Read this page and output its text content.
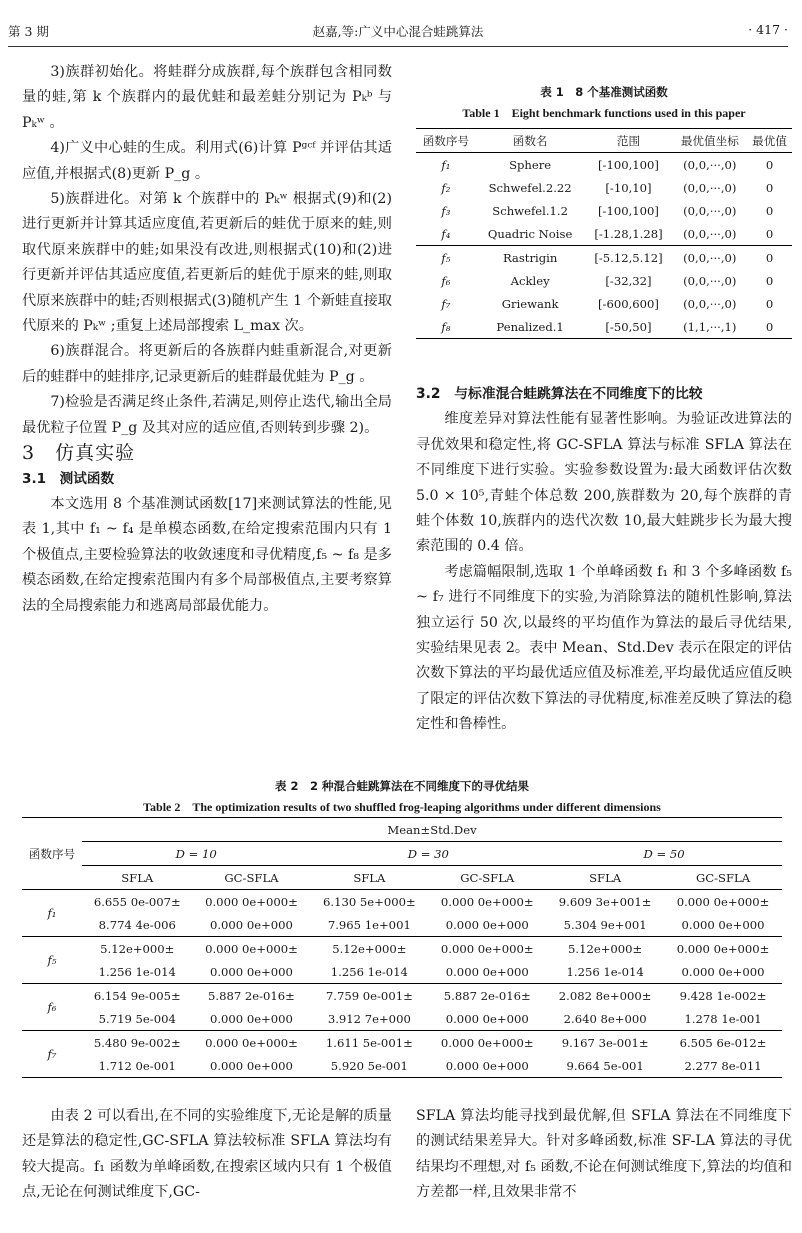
第 3 期	赵嘉,等:广义中心混合蛙跳算法	· 417 ·

3)族群初始化。将蛙群分成族群,每个族群包含相同数量的蛙,第 k 个族群内的最优蛙和最差蛙分别记为 Pₖᵇ 与 Pₖʷ 。

4)广义中心蛙的生成。利用式(6)计算 Pᵍᶜᶠ 并评估其适应值,并根据式(8)更新 P_g 。

5)族群进化。对第 k 个族群中的 Pₖʷ 根据式(9)和(2)进行更新并计算其适应度值,若更新后的蛙优于原来的蛙,则取代原来族群中的蛙;如果没有改进,则根据式(10)和(2)进行更新并评估其适应度值,若更新后的蛙优于原来的蛙,则取代原来族群中的蛙;否则根据式(3)随机产生 1 个新蛙直接取代原来的 Pₖʷ ;重复上述局部搜索 L_max 次。

6)族群混合。将更新后的各族群内蛙重新混合,对更新后的蛙群中的蛙排序,记录更新后的蛙群最优蛙为 P_g 。

7)检验是否满足终止条件,若满足,则停止迭代,输出全局最优粒子位置 P_g 及其对应的适应值,否则转到步骤 2)。

3　仿真实验

3.1　测试函数

本文选用 8 个基准测试函数[17]来测试算法的性能,见表 1,其中 f₁ ~ f₄ 是单模态函数,在给定搜索范围内只有 1 个极值点,主要检验算法的收敛速度和寻优精度,f₅ ~ f₈ 是多模态函数,在给定搜索范围内有多个局部极值点,主要考察算法的全局搜索能力和逃离局部最优能力。

表 1　8 个基准测试函数
Table 1　Eight benchmark functions used in this paper
函数序号	函数名	范围	最优值坐标	最优值
f₁	Sphere	[-100,100]	(0,0,···,0)	0
f₂	Schwefel.2.22	[-10,10]	(0,0,···,0)	0
f₃	Schwefel.1.2	[-100,100]	(0,0,···,0)	0
f₄	Quadric Noise	[-1.28,1.28]	(0,0,···,0)	0
f₅	Rastrigin	[-5.12,5.12]	(0,0,···,0)	0
f₆	Ackley	[-32,32]	(0,0,···,0)	0
f₇	Griewank	[-600,600]	(0,0,···,0)	0
f₈	Penalized.1	[-50,50]	(1,1,···,1)	0

3.2　与标准混合蛙跳算法在不同维度下的比较

维度差异对算法性能有显著性影响。为验证改进算法的寻优效果和稳定性,将 GC-SFLA 算法与标准 SFLA 算法在不同维度下进行实验。实验参数设置为:最大函数评估次数 5.0 × 10⁵,青蛙个体总数 200,族群数为 20,每个族群的青蛙个体数 10,族群内的迭代次数 10,最大蛙跳步长为最大搜索范围的 0.4 倍。

考虑篇幅限制,选取 1 个单峰函数 f₁ 和 3 个多峰函数 f₅ ~ f₇ 进行不同维度下的实验,为消除算法的随机性影响,算法独立运行 50 次,以最终的平均值作为算法的最后寻优结果,实验结果见表 2。表中 Mean、Std.Dev 表示在限定的评估次数下算法的平均最优适应值及标准差,平均最优适应值反映了限定的评估次数下算法的寻优精度,标准差反映了算法的稳定性和鲁棒性。

表 2　2 种混合蛙跳算法在不同维度下的寻优结果
Table 2　The optimization results of two shuffled frog-leaping algorithms under different dimensions
函数序号	Mean±Std.Dev					
	D = 10		D = 30		D = 50	
	SFLA	GC-SFLA	SFLA	GC-SFLA	SFLA	GC-SFLA
f₁	6.655 0e-007±	0.000 0e+000±	6.130 5e+000±	0.000 0e+000±	9.609 3e+001±	0.000 0e+000±
	8.774 4e-006	0.000 0e+000	7.965 1e+001	0.000 0e+000	5.304 9e+001	0.000 0e+000
f₅	5.12e+000±	0.000 0e+000±	5.12e+000±	0.000 0e+000±	5.12e+000±	0.000 0e+000±
	1.256 1e-014	0.000 0e+000	1.256 1e-014	0.000 0e+000	1.256 1e-014	0.000 0e+000
f₆	6.154 9e-005±	5.887 2e-016±	7.759 0e-001±	5.887 2e-016±	2.082 8e+000±	9.428 1e-002±
	5.719 5e-004	0.000 0e+000	3.912 7e+000	0.000 0e+000	2.640 8e+000	1.278 1e-001
f₇	5.480 9e-002±	0.000 0e+000±	1.611 5e-001±	0.000 0e+000±	9.167 3e-001±	6.505 6e-012±
	1.712 0e-001	0.000 0e+000	5.920 5e-001	0.000 0e+000	9.664 5e-001	2.277 8e-011

由表 2 可以看出,在不同的实验维度下,无论是解的质量还是算法的稳定性,GC-SFLA 算法较标准 SFLA 算法均有较大提高。f₁ 函数为单峰函数,在搜索区域内只有 1 个极值点,无论在何测试维度下,GC-

SFLA 算法均能寻找到最优解,但 SFLA 算法在不同维度下的测试结果差异大。针对多峰函数,标准 SF-LA 算法的寻优结果均不理想,对 f₅ 函数,不论在何测试维度下,算法的均值和方差都一样,且效果非常不
